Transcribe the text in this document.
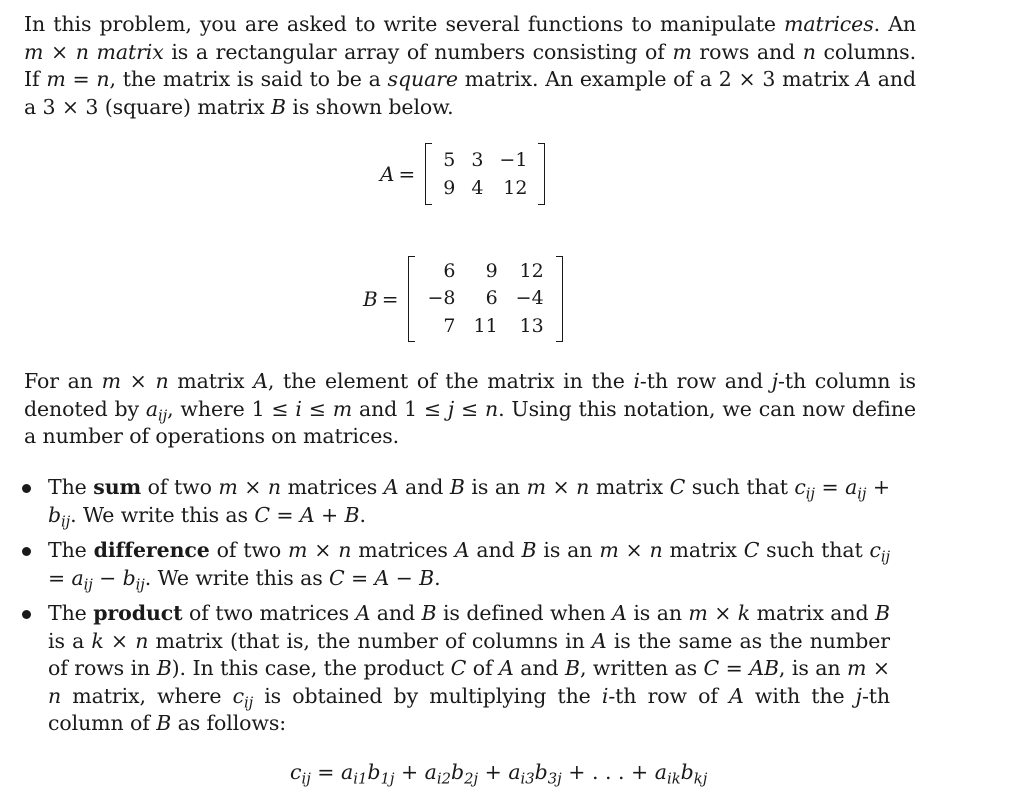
In this problem, you are asked to write several functions to manipulate matrices. An m × n matrix is a rectangular array of numbers consisting of m rows and n columns. If m = n, the matrix is said to be a square matrix. An example of a 2 × 3 matrix A and a 3 × 3 (square) matrix B is shown below.

For an m × n matrix A, the element of the matrix in the i-th row and j-th column is denoted by $a_{ij}$, where 1 ≤ i ≤ m and 1 ≤ j ≤ n. Using this notation, we can now define a number of operations on matrices.

A =
5	3	−1
9	4	12
B =
6	9	12
−8	6	−4
7	11	13
The sum of two m × n matrices A and B is an m × n matrix C such that $c_{ij} = a_{ij} + b_{ij}$. We write this as C = A + B.
The difference of two m × n matrices A and B is an m × n matrix C such that $c_{ij} = a_{ij} - b_{ij}$. We write this as C = A − B.
The product of two matrices A and B is defined when A is an m × k matrix and B is a k × n matrix (that is, the number of columns in A is the same as the number of rows in B). In this case, the product C of A and B, written as C = AB, is an m × n matrix, where $c_{ij}$ is obtained by multiplying the i-th row of A with the j-th column of B as follows:
$c_{ij} = a_{i1}b_{1j} + a_{i2}b_{2j} + a_{i3}b_{3j}$ + . . . + $a_{ik}b_{kj}$
